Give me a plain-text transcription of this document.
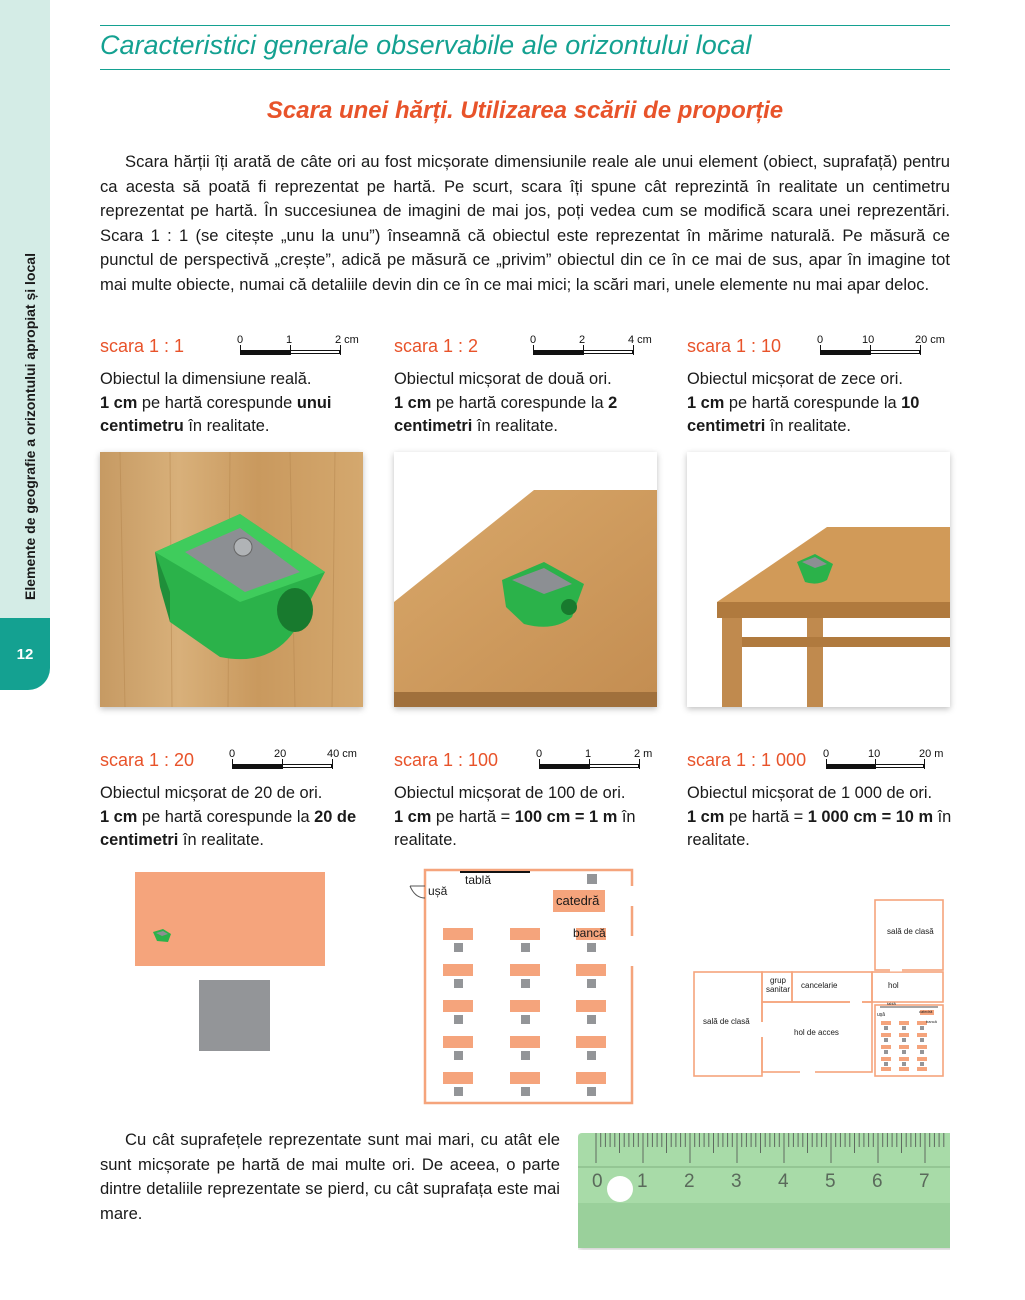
Elemente de geografie a orizontului apropiat și local
12
Caracteristici generale observabile ale orizontului local
Scara unei hărți. Utilizarea scării de proporție
Scara hărții îți arată de câte ori au fost micșorate dimensiunile reale ale unui element (obiect, suprafață) pentru ca acesta să poată fi reprezentat pe hartă. Pe scurt, scara îți spune cât reprezintă în realitate un centimetru reprezentat pe hartă. În succesiunea de imagini de mai jos, poți vedea cum se modifică scara unei reprezentări. Scara 1 : 1 (se citește „unu la unu”) înseamnă că obiectul este reprezentat în mărime naturală. Pe măsură ce punctul de perspectivă „crește”, adică pe măsură ce „privim” obiectul din ce în ce mai de sus, apar în imagine tot mai multe obiecte, numai că detaliile devin din ce în ce mai mici; la scări mari, unele elemente nu mai apar deloc.
scara 1 : 1	0	1	2 cm
Obiectul la dimensiune reală.
1 cm pe hartă corespunde unui centimetru în realitate.
scara 1 : 2	0	2	4 cm
Obiectul micșorat de două ori.
1 cm pe hartă corespunde la 2 centimetri în realitate.
scara 1 : 10	0	10	20 cm
Obiectul micșorat de zece ori.
1 cm pe hartă corespunde la 10 centimetri în realitate.
scara 1 : 20	0	20	40 cm
Obiectul micșorat de 20 de ori.
1 cm pe hartă corespunde la 20 de centimetri în realitate.
scara 1 : 100	0	1	2 m
Obiectul micșorat de 100 de ori.
1 cm pe hartă = 100 cm = 1 m în realitate.
scara 1 : 1 000 0	10	20 m
Obiectul micșorat de 1 000 de ori.
1 cm pe hartă = 1 000 cm = 10 m în realitate.
ușă
tablă
catedră
bancă	sală de clasă
sală de clasă
grup sanitar	cancelarie	hol
hol de acces
tablă
ușă
catedră
bancă
Cu cât suprafețele reprezentate sunt mai mari, cu atât ele sunt micșorate pe hartă de mai multe ori. De aceea, o parte dintre detaliile reprezentate se pierd, cu cât suprafața este mai mare.
0 1 2 3 4 5 6 7
